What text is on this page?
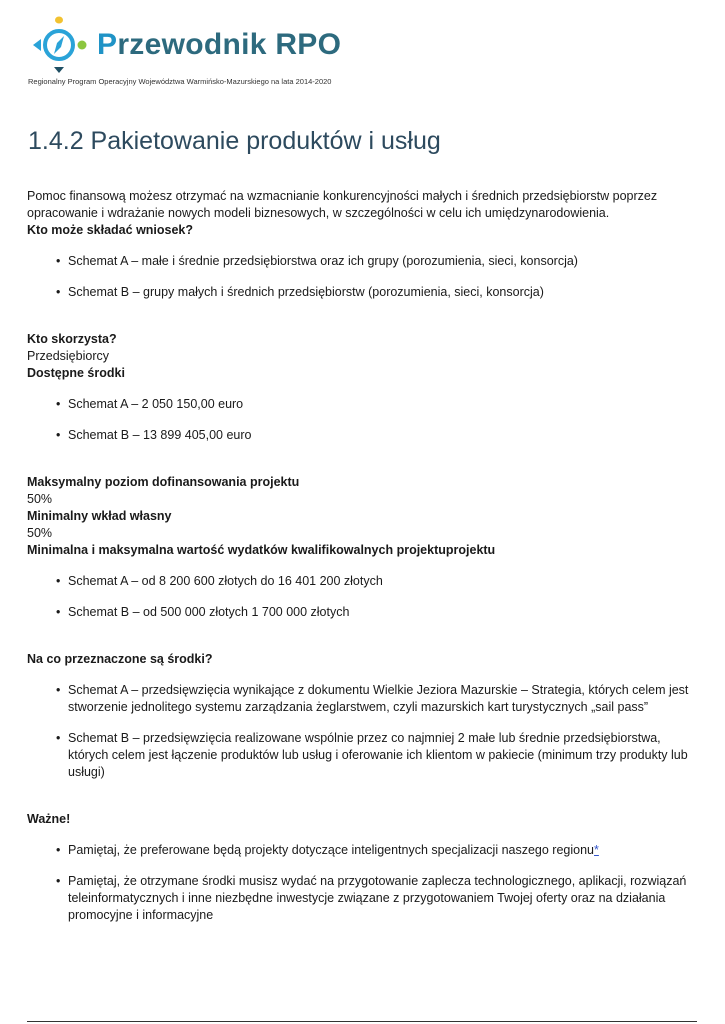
Przewodnik RPO
Regionalny Program Operacyjny Województwa Warmińsko-Mazurskiego na lata 2014-2020
1.4.2 Pakietowanie produktów i usług

Pomoc finansową możesz otrzymać na wzmacnianie konkurencyjności małych i średnich przedsiębiorstw poprzez opracowanie i wdrażanie nowych modeli biznesowych, w szczególności w celu ich umiędzynarodowienia.

Kto może składać wniosek?

• Schemat A – małe i średnie przedsiębiorstwa oraz ich grupy (porozumienia, sieci, konsorcja)
• Schemat B – grupy małych i średnich przedsiębiorstw (porozumienia, sieci, konsorcja)

Kto skorzysta?

Przedsiębiorcy

Dostępne środki

• Schemat A – 2 050 150,00 euro
• Schemat B – 13 899 405,00 euro

Maksymalny poziom dofinansowania projektu

50%

Minimalny wkład własny

50%

Minimalna i maksymalna wartość wydatków kwalifikowalnych projektuprojektu

• Schemat A – od 8 200 600 złotych do 16 401 200 złotych
• Schemat B – od 500 000 złotych 1 700 000 złotych

Na co przeznaczone są środki?

• Schemat A – przedsięwzięcia wynikające z dokumentu Wielkie Jeziora Mazurskie – Strategia, których celem jest stworzenie jednolitego systemu zarządzania żeglarstwem, czyli mazurskich kart turystycznych „sail pass”
• Schemat B – przedsięwzięcia realizowane wspólnie przez co najmniej 2 małe lub średnie przedsiębiorstwa, których celem jest łączenie produktów lub usług i oferowanie ich klientom w pakiecie (minimum trzy produkty lub usługi)

Ważne!

• Pamiętaj, że preferowane będą projekty dotyczące inteligentnych specjalizacji naszego regionu*
• Pamiętaj, że otrzymane środki musisz wydać na przygotowanie zaplecza technologicznego, aplikacji, rozwiązań teleinformatycznych i inne niezbędne inwestycje związane z przygotowaniem Twojej oferty oraz na działania promocyjne i informacyjne
